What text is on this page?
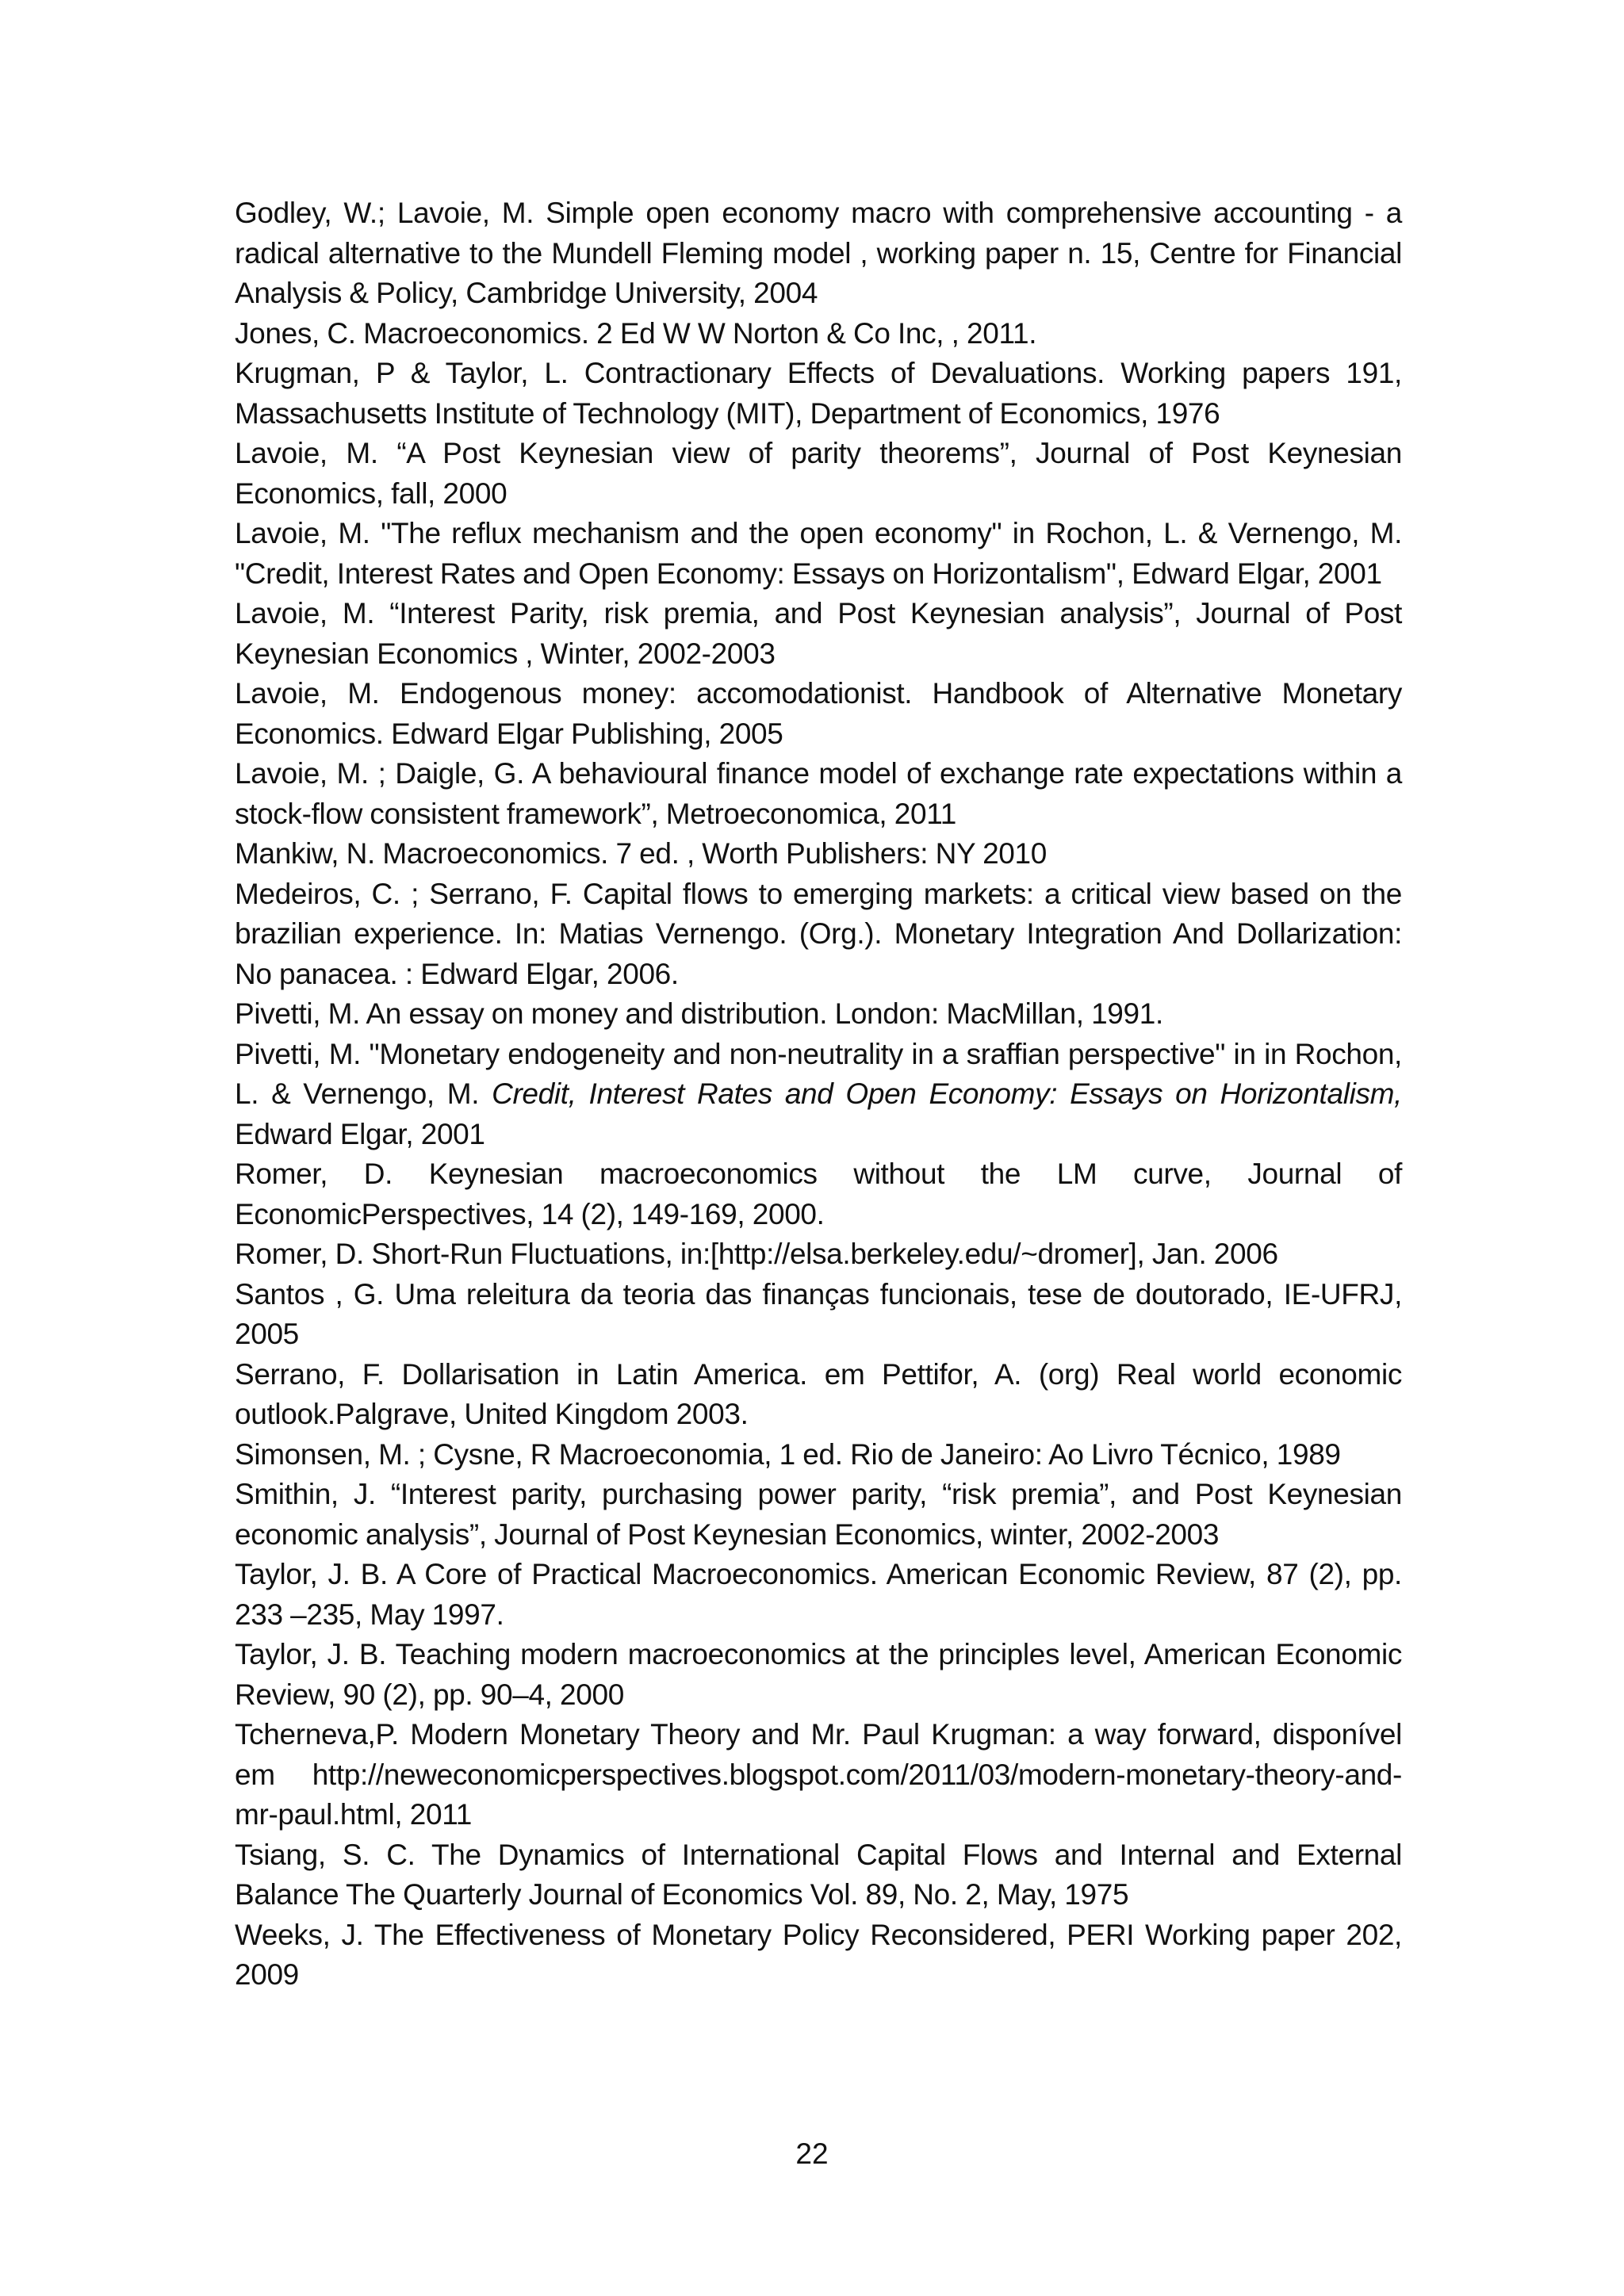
Godley, W.; Lavoie, M. Simple open economy macro with comprehensive accounting - a radical alternative to the Mundell Fleming model , working paper n. 15, Centre for Financial Analysis & Policy, Cambridge University, 2004
Jones, C. Macroeconomics. 2 Ed W W Norton & Co Inc, , 2011.
Krugman, P & Taylor, L. Contractionary Effects of Devaluations. Working papers 191, Massachusetts Institute of Technology (MIT), Department of Economics, 1976
Lavoie, M. “A Post Keynesian view of parity theorems”, Journal of Post Keynesian Economics, fall, 2000
Lavoie, M. "The reflux mechanism and the open economy" in Rochon, L. & Vernengo, M. "Credit, Interest Rates and Open Economy: Essays on Horizontalism", Edward Elgar, 2001
Lavoie, M. “Interest Parity, risk premia, and Post Keynesian analysis”, Journal of Post Keynesian Economics , Winter, 2002-2003
Lavoie, M. Endogenous money: accomodationist. Handbook of Alternative Monetary Economics. Edward Elgar Publishing, 2005
Lavoie, M. ; Daigle, G. A behavioural finance model of exchange rate expectations within a stock-flow consistent framework”, Metroeconomica, 2011
Mankiw, N. Macroeconomics. 7 ed. , Worth Publishers: NY 2010
Medeiros, C. ; Serrano, F. Capital flows to emerging markets: a critical view based on the brazilian experience. In: Matias Vernengo. (Org.). Monetary Integration And Dollarization: No panacea. : Edward Elgar, 2006.
Pivetti, M. An essay on money and distribution. London: MacMillan, 1991.
Pivetti, M. "Monetary endogeneity and non-neutrality in a sraffian perspective" in in Rochon, L. & Vernengo, M. Credit, Interest Rates and Open Economy: Essays on Horizontalism, Edward Elgar, 2001
Romer, D. Keynesian macroeconomics without the LM curve, Journal of EconomicPerspectives, 14 (2), 149-169, 2000.
Romer, D. Short-Run Fluctuations, in:[http://elsa.berkeley.edu/~dromer], Jan. 2006
Santos , G. Uma releitura da teoria das finanças funcionais, tese de doutorado, IE-UFRJ, 2005
Serrano, F. Dollarisation in Latin America. em Pettifor, A. (org) Real world economic outlook.Palgrave, United Kingdom 2003.
Simonsen, M. ; Cysne, R Macroeconomia, 1 ed. Rio de Janeiro: Ao Livro Técnico, 1989
Smithin, J. “Interest parity, purchasing power parity, “risk premia”, and Post Keynesian economic analysis”, Journal of Post Keynesian Economics, winter, 2002-2003
Taylor, J. B. A Core of Practical Macroeconomics. American Economic Review, 87 (2), pp. 233 –235, May 1997.
Taylor, J. B. Teaching modern macroeconomics at the principles level, American Economic Review, 90 (2), pp. 90–4, 2000
Tcherneva,P. Modern Monetary Theory and Mr. Paul Krugman: a way forward, disponível em http://neweconomicperspectives.blogspot.com/2011/03/modern-monetary-theory-and-mr-paul.html, 2011
Tsiang, S. C. The Dynamics of International Capital Flows and Internal and External Balance The Quarterly Journal of Economics Vol. 89, No. 2, May, 1975
Weeks, J. The Effectiveness of Monetary Policy Reconsidered, PERI Working paper 202, 2009
22
